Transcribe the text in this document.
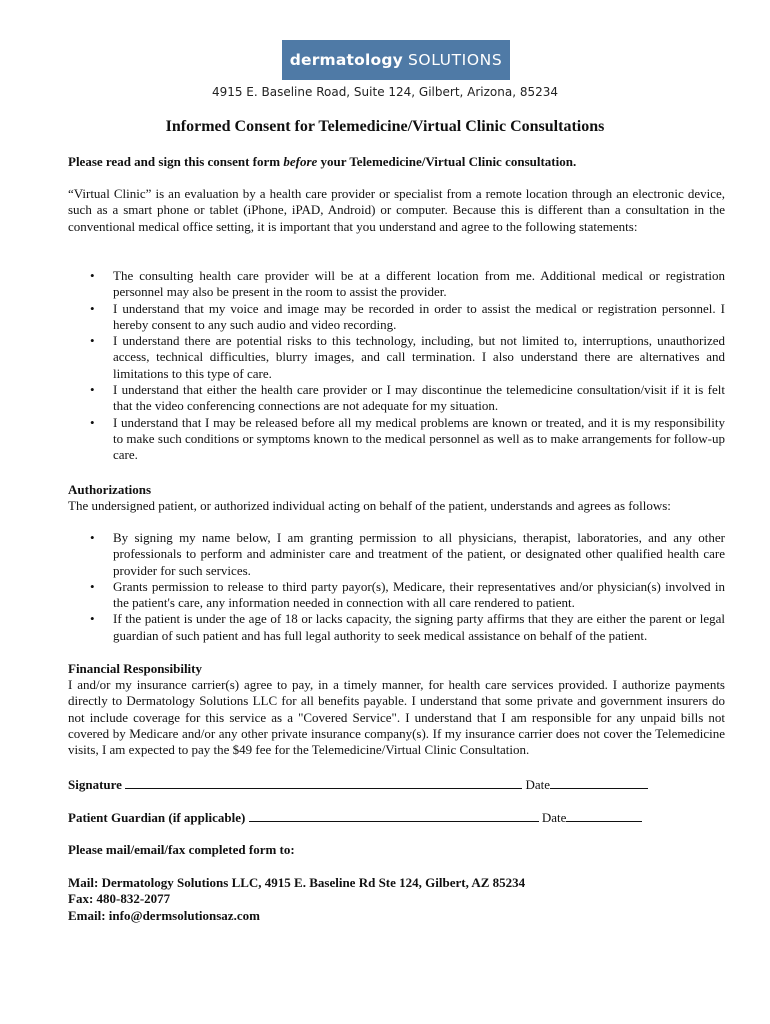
dermatology SOLUTIONS
4915 E. Baseline Road, Suite 124, Gilbert, Arizona, 85234
Informed Consent for Telemedicine/Virtual Clinic Consultations
Please read and sign this consent form before your Telemedicine/Virtual Clinic consultation.
“Virtual Clinic” is an evaluation by a health care provider or specialist from a remote location through an electronic device, such as a smart phone or tablet (iPhone, iPAD, Android) or computer. Because this is different than a consultation in the conventional medical office setting, it is important that you understand and agree to the following statements:
• The consulting health care provider will be at a different location from me. Additional medical or registration personnel may also be present in the room to assist the provider.
• I understand that my voice and image may be recorded in order to assist the medical or registration personnel. I hereby consent to any such audio and video recording.
• I understand there are potential risks to this technology, including, but not limited to, interruptions, unauthorized access, technical difficulties, blurry images, and call termination. I also understand there are alternatives and limitations to this type of care.
• I understand that either the health care provider or I may discontinue the telemedicine consultation/visit if it is felt that the video conferencing connections are not adequate for my situation.
• I understand that I may be released before all my medical problems are known or treated, and it is my responsibility to make such conditions or symptoms known to the medical personnel as well as to make arrangements for follow-up care.
Authorizations
The undersigned patient, or authorized individual acting on behalf of the patient, understands and agrees as follows:
• By signing my name below, I am granting permission to all physicians, therapist, laboratories, and any other professionals to perform and administer care and treatment of the patient, or designated other qualified health care provider for such services.
• Grants permission to release to third party payor(s), Medicare, their representatives and/or physician(s) involved in the patient's care, any information needed in connection with all care rendered to patient.
• If the patient is under the age of 18 or lacks capacity, the signing party affirms that they are either the parent or legal guardian of such patient and has full legal authority to seek medical assistance on behalf of the patient.
Financial Responsibility
I and/or my insurance carrier(s) agree to pay, in a timely manner, for health care services provided. I authorize payments directly to Dermatology Solutions LLC for all benefits payable. I understand that some private and government insurers do not include coverage for this service as a "Covered Service". I understand that I am responsible for any unpaid bills not covered by Medicare and/or any other private insurance company(s). If my insurance carrier does not cover the Telemedicine visits, I am expected to pay the $49 fee for the Telemedicine/Virtual Clinic Consultation.
Signature	Date
Patient Guardian (if applicable)	Date
Please mail/email/fax completed form to:
Mail: Dermatology Solutions LLC, 4915 E. Baseline Rd Ste 124, Gilbert, AZ 85234
Fax: 480-832-2077
Email: info@dermsolutionsaz.com
